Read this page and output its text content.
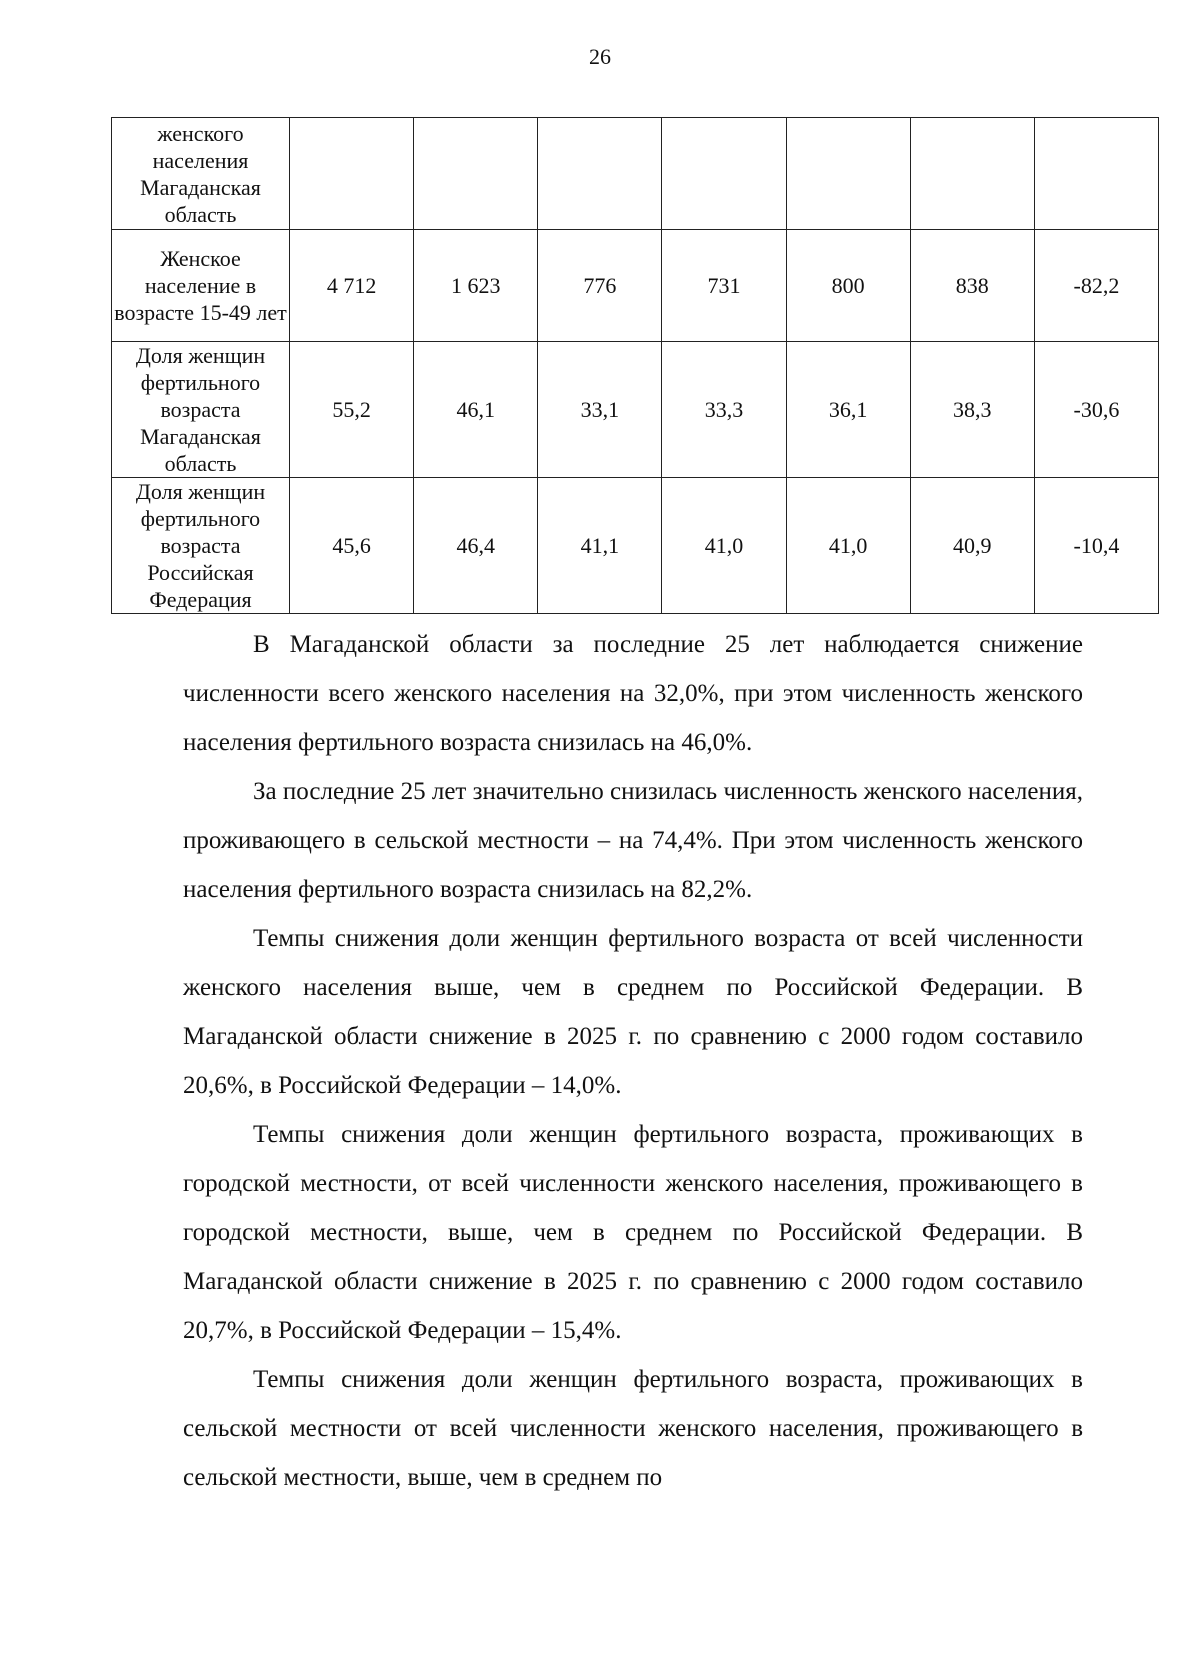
26
женского населения Магаданская область							
Женское население в возрасте 15-49 лет	4 712	1 623	776	731	800	838	-82,2
Доля женщин фертильного возраста Магаданская область	55,2	46,1	33,1	33,3	36,1	38,3	-30,6
Доля женщин фертильного возраста Российская Федерация	45,6	46,4	41,1	41,0	41,0	40,9	-10,4

В Магаданской области за последние 25 лет наблюдается снижение численности всего женского населения на 32,0%, при этом численность женского населения фертильного возраста снизилась на 46,0%.

За последние 25 лет значительно снизилась численность женского населения, проживающего в сельской местности – на 74,4%. При этом численность женского населения фертильного возраста снизилась на 82,2%.

Темпы снижения доли женщин фертильного возраста от всей численности женского населения выше, чем в среднем по Российской Федерации. В Магаданской области снижение в 2025 г. по сравнению с 2000 годом составило 20,6%, в Российской Федерации – 14,0%.

Темпы снижения доли женщин фертильного возраста, проживающих в городской местности, от всей численности женского населения, проживающего в городской местности, выше, чем в среднем по Российской Федерации. В Магаданской области снижение в 2025 г. по сравнению с 2000 годом составило 20,7%, в Российской Федерации – 15,4%.

Темпы снижения доли женщин фертильного возраста, проживающих в сельской местности от всей численности женского населения, проживающего в сельской местности, выше, чем в среднем по
